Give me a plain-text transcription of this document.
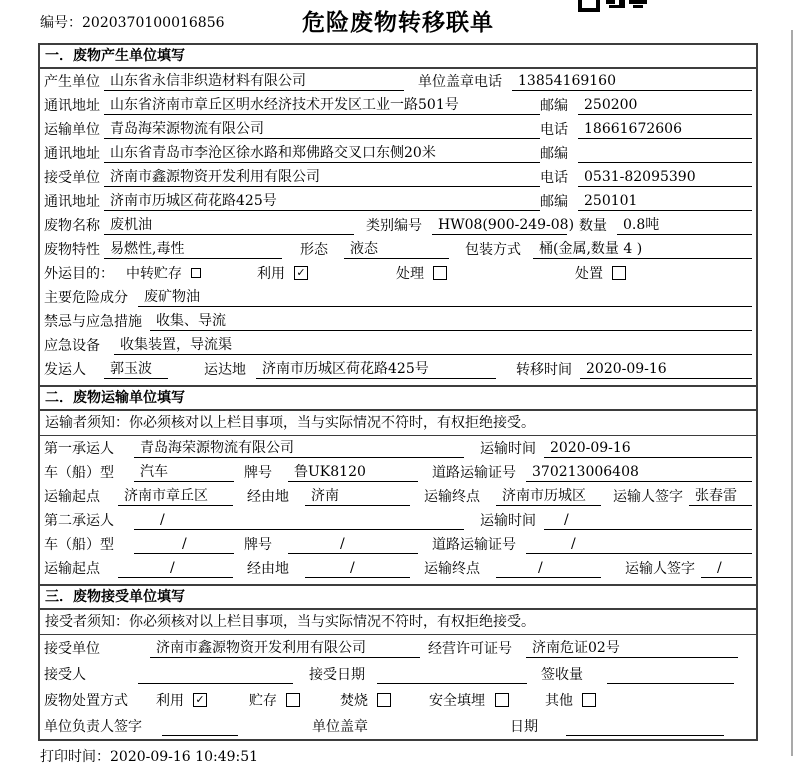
编号：2020370100016856	危险废物转移联单
一．废物产生单位填写
产生单位 山东省永信非织造材料有限公司	单位盖章 电话	13854169160
通讯地址 山东省济南市章丘区明水经济技术开发区工业一路501号	邮编	250200
运输单位 青岛海荣源物流有限公司	电话	18661672606
通讯地址 山东省青岛市李沧区徐水路和郑佛路交叉口东侧20米	邮编
接受单位 济南市鑫源物资开发利用有限公司	电话	0531-82095390
通讯地址 济南市历城区荷花路425号	邮编	250101
废物名称 废机油	类别编号	HW08(900-249-08) 数量	0.8吨
废物特性 易燃性,毒性	形态	液态	包装方式	桶(金属,数量 4 )
外运目的： 中转贮存	利用 ✓	处理	处置
主要危险成分	废矿物油
禁忌与应急措施	收集、导流
应急设备	收集装置，导流渠
发运人	郭玉波	运达地	济南市历城区荷花路425号	转移时间	2020-09-16
二．废物运输单位填写
运输者须知：你必须核对以上栏目事项，当与实际情况不符时，有权拒绝接受。
第一承运人	青岛海荣源物流有限公司	运输时间	2020-09-16
车（船）型	汽车	牌号	鲁UK8120	道路运输证号	370213006408
运输起点	济南市章丘区	经由地	济南	运输终点	济南市历城区	运输人签字 张春雷
第二承运人	/	运输时间	/
车（船）型	/	牌号	/	道路运输证号	/
运输起点	/	经由地	/	运输终点	/	运输人签字	/
三．废物接受单位填写
接受者须知：你必须核对以上栏目事项，当与实际情况不符时，有权拒绝接受。
接受单位	济南市鑫源物资开发利用有限公司	经营许可证号	济南危证02号
接受人	接受日期	签收量
废物处置方式 利用 ✓	贮存	焚烧	安全填埋	其他
单位负责人签字	单位盖章	日期
打印时间：2020-09-16 10:49:51
